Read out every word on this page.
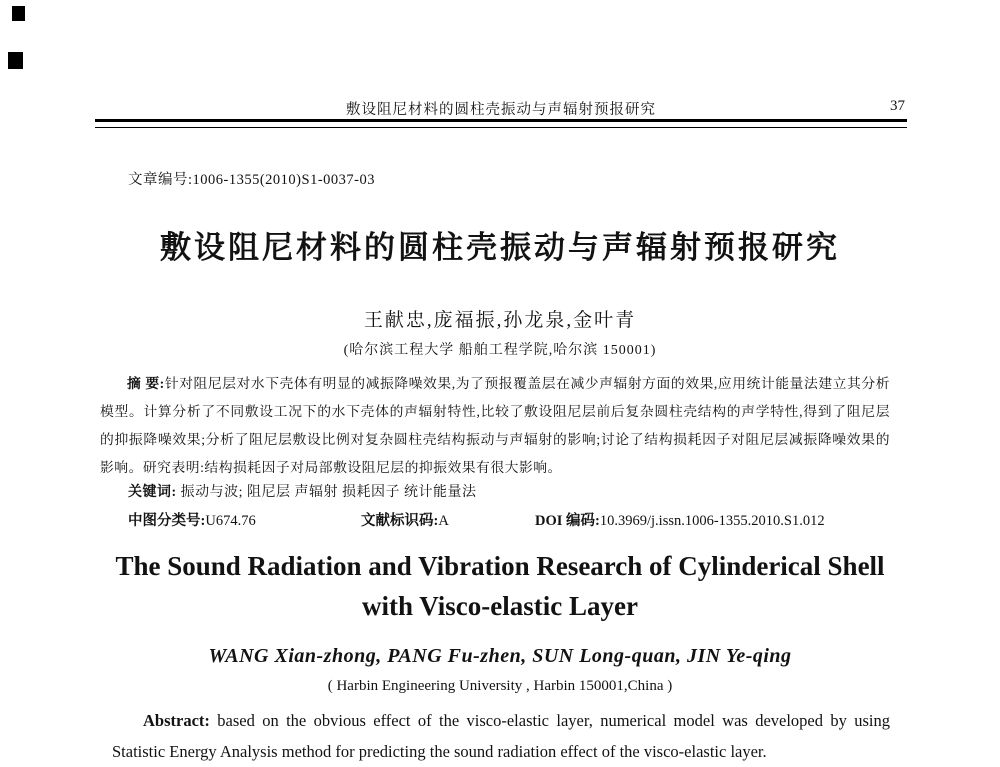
敷设阻尼材料的圆柱壳振动与声辐射预报研究	37
文章编号:1006-1355(2010)S1-0037-03
敷设阻尼材料的圆柱壳振动与声辐射预报研究
王献忠,庞福振,孙龙泉,金叶青
(哈尔滨工程大学 船舶工程学院,哈尔滨 150001)
摘 要:针对阻尼层对水下壳体有明显的减振降噪效果,为了预报覆盖层在减少声辐射方面的效果,应用统计能量法建立其分析模型。计算分析了不同敷设工况下的水下壳体的声辐射特性,比较了敷设阻尼层前后复杂圆柱壳结构的声学特性,得到了阻尼层的抑振降噪效果;分析了阻尼层敷设比例对复杂圆柱壳结构振动与声辐射的影响;讨论了结构损耗因子对阻尼层减振降噪效果的影响。研究表明:结构损耗因子对局部敷设阻尼层的抑振效果有很大影响。
关键词: 振动与波; 阻尼层 声辐射 损耗因子 统计能量法
中图分类号:U674.76	文献标识码:A	DOI 编码:10.3969/j.issn.1006-1355.2010.S1.012
The Sound Radiation and Vibration Research of Cylinderical Shell
with Visco-elastic Layer
WANG Xian-zhong, PANG Fu-zhen, SUN Long-quan, JIN Ye-qing
( Harbin Engineering University , Harbin 150001,China )
Abstract: based on the obvious effect of the visco-elastic layer, numerical model was developed by using Statistic Energy Analysis method for predicting the sound radiation effect of the visco-elastic layer.
